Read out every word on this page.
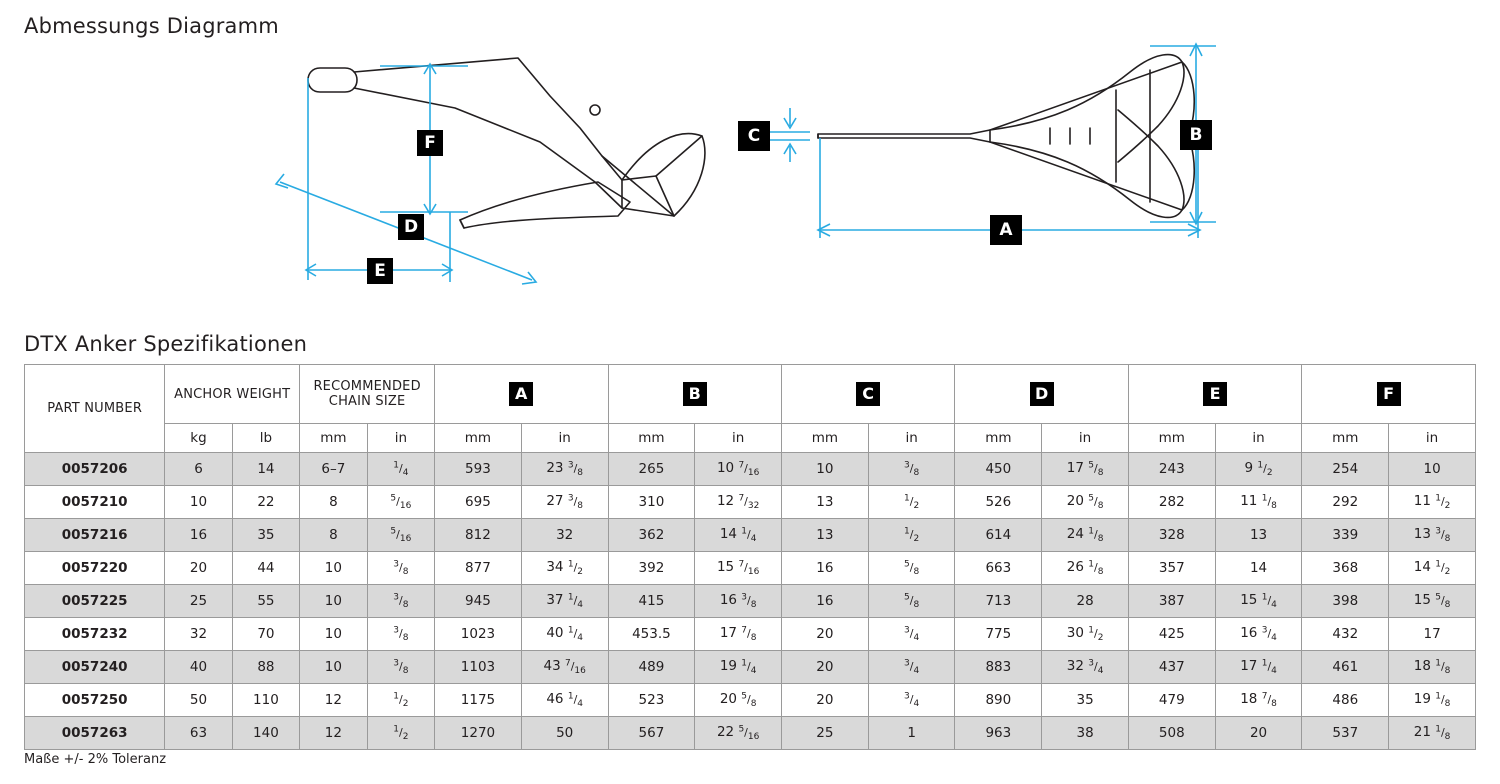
Abmessungs Diagramm
F
D
E
C	B
A
DTX Anker Spezifikationen
PART NUMBER	ANCHOR WEIGHT		RECOMMENDED CHAIN SIZE		A		B		C		D		E		F	
	kg	lb	mm	in	mm	in	mm	in	mm	in	mm	in	mm	in	mm	in
0057206	6	14	6–7	$^1/_4$	593	23 $^3/_8$	265	10 $^7/_{16}$	10	$^3/_8$	450	17 $^5/_8$	243	9 $^1/_2$	254	10
0057210	10	22	8	$^5/_{16}$	695	27 $^3/_8$	310	12 $^7/_{32}$	13	$^1/_2$	526	20 $^5/_8$	282	11 $^1/_8$	292	11 $^1/_2$
0057216	16	35	8	$^5/_{16}$	812	32	362	14 $^1/_4$	13	$^1/_2$	614	24 $^1/_8$	328	13	339	13 $^3/_8$
0057220	20	44	10	$^3/_8$	877	34 $^1/_2$	392	15 $^7/_{16}$	16	$^5/_8$	663	26 $^1/_8$	357	14	368	14 $^1/_2$
0057225	25	55	10	$^3/_8$	945	37 $^1/_4$	415	16 $^3/_8$	16	$^5/_8$	713	28	387	15 $^1/_4$	398	15 $^5/_8$
0057232	32	70	10	$^3/_8$	1023	40 $^1/_4$	453.5	17 $^7/_8$	20	$^3/_4$	775	30 $^1/_2$	425	16 $^3/_4$	432	17
0057240	40	88	10	$^3/_8$	1103	43 $^7/_{16}$	489	19 $^1/_4$	20	$^3/_4$	883	32 $^3/_4$	437	17 $^1/_4$	461	18 $^1/_8$
0057250	50	110	12	$^1/_2$	1175	46 $^1/_4$	523	20 $^5/_8$	20	$^3/_4$	890	35	479	18 $^7/_8$	486	19 $^1/_8$
0057263	63	140	12	$^1/_2$	1270	50	567	22 $^5/_{16}$	25	1	963	38	508	20	537	21 $^1/_8$
Maße +/- 2% Toleranz
